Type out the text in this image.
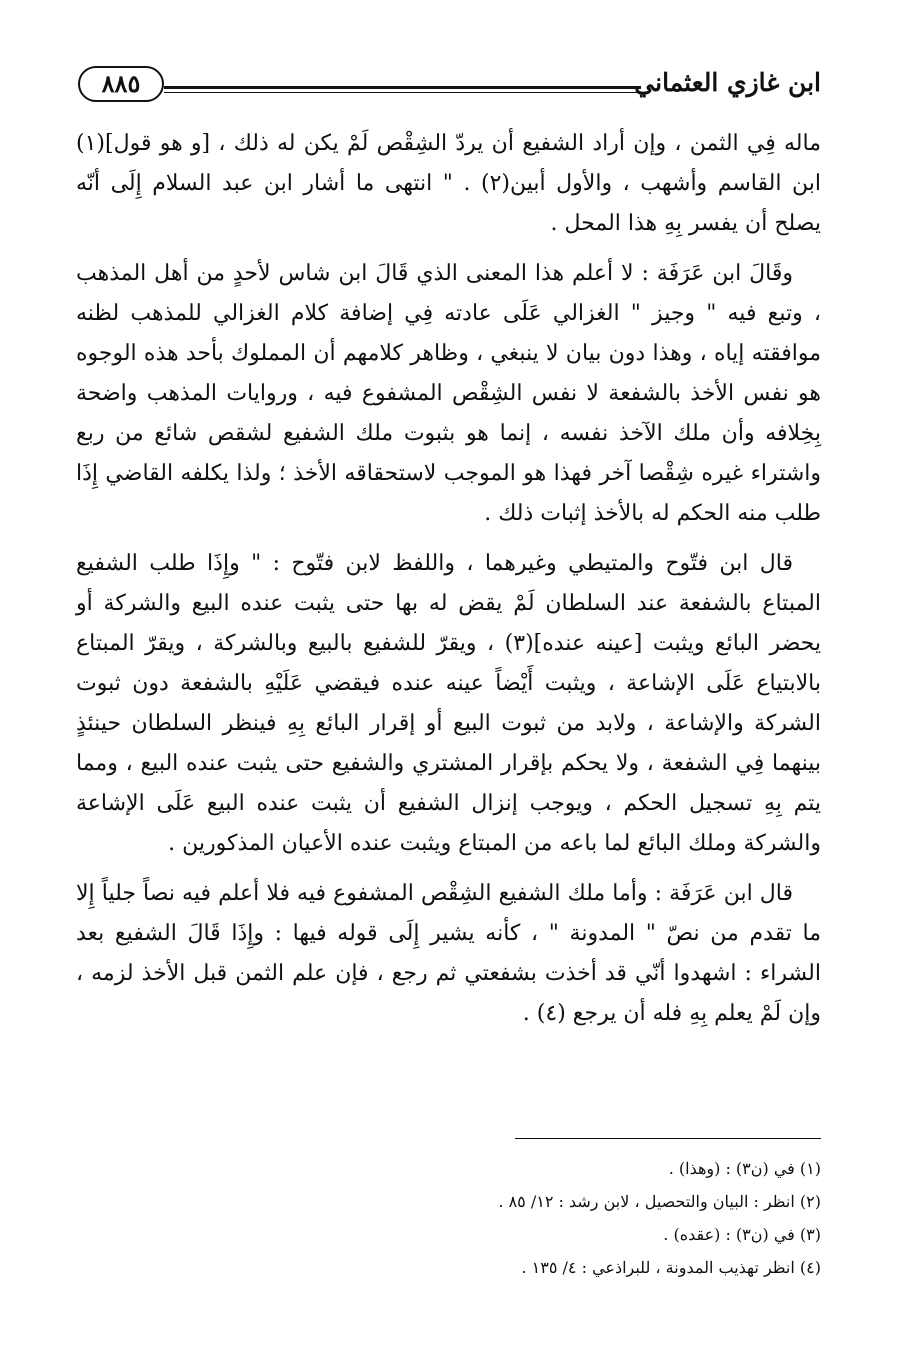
ابن غازي العثماني
٨٨٥

ماله فِي الثمن ، وإن أراد الشفيع أن يردّ الشِقْص لَمْ يكن له ذلك ، [و هو قول](١) ابن القاسم وأشهب ، والأول أبين(٢) . " انتهى ما أشار ابن عبد السلام إِلَى أنّه يصلح أن يفسر بِهِ هذا المحل .

وقَالَ ابن عَرَفَة : لا أعلم هذا المعنى الذي قَالَ ابن شاس لأحدٍ من أهل المذهب ، وتبع فيه " وجيز " الغزالي عَلَى عادته فِي إضافة كلام الغزالي للمذهب لظنه موافقته إياه ، وهذا دون بيان لا ينبغي ، وظاهر كلامهم أن المملوك بأحد هذه الوجوه هو نفس الأخذ بالشفعة لا نفس الشِقْص المشفوع فيه ، وروايات المذهب واضحة بِخِلافه وأن ملك الآخذ نفسه ، إنما هو بثبوت ملك الشفيع لشقص شائع من ربع واشتراء غيره شِقْصا آخر فهذا هو الموجب لاستحقاقه الأخذ ؛ ولذا يكلفه القاضي إِذَا طلب منه الحكم له بالأخذ إثبات ذلك .

قال ابن فتّوح والمتيطي وغيرهما ، واللفظ لابن فتّوح : " وإِذَا طلب الشفيع المبتاع بالشفعة عند السلطان لَمْ يقض له بها حتى يثبت عنده البيع والشركة أو يحضر البائع ويثبت [عينه عنده](٣) ، ويقرّ للشفيع بالبيع وبالشركة ، ويقرّ المبتاع بالابتياع عَلَى الإشاعة ، ويثبت أَيْضاً عينه عنده فيقضي عَلَيْهِ بالشفعة دون ثبوت الشركة والإشاعة ، ولابد من ثبوت البيع أو إقرار البائع بِهِ فينظر السلطان حينئذٍ بينهما فِي الشفعة ، ولا يحكم بإقرار المشتري والشفيع حتى يثبت عنده البيع ، ومما يتم بِهِ تسجيل الحكم ، ويوجب إنزال الشفيع أن يثبت عنده البيع عَلَى الإشاعة والشركة وملك البائع لما باعه من المبتاع ويثبت عنده الأعيان المذكورين .

قال ابن عَرَفَة : وأما ملك الشفيع الشِقْص المشفوع فيه فلا أعلم فيه نصاً جلياً إِلا ما تقدم من نصّ " المدونة " ، كأنه يشير إِلَى قوله فيها : وإِذَا قَالَ الشفيع بعد الشراء : اشهدوا أنّي قد أخذت بشفعتي ثم رجع ، فإن علم الثمن قبل الأخذ لزمه ، وإن لَمْ يعلم بِهِ فله أن يرجع (٤) .

(١) في (ن٣) : (وهذا) .

(٢) انظر : البيان والتحصيل ، لابن رشد : ١٢/ ٨٥ .

(٣) في (ن٣) : (عقده) .

(٤) انظر تهذيب المدونة ، للبراذعي : ٤/ ١٣٥ .
